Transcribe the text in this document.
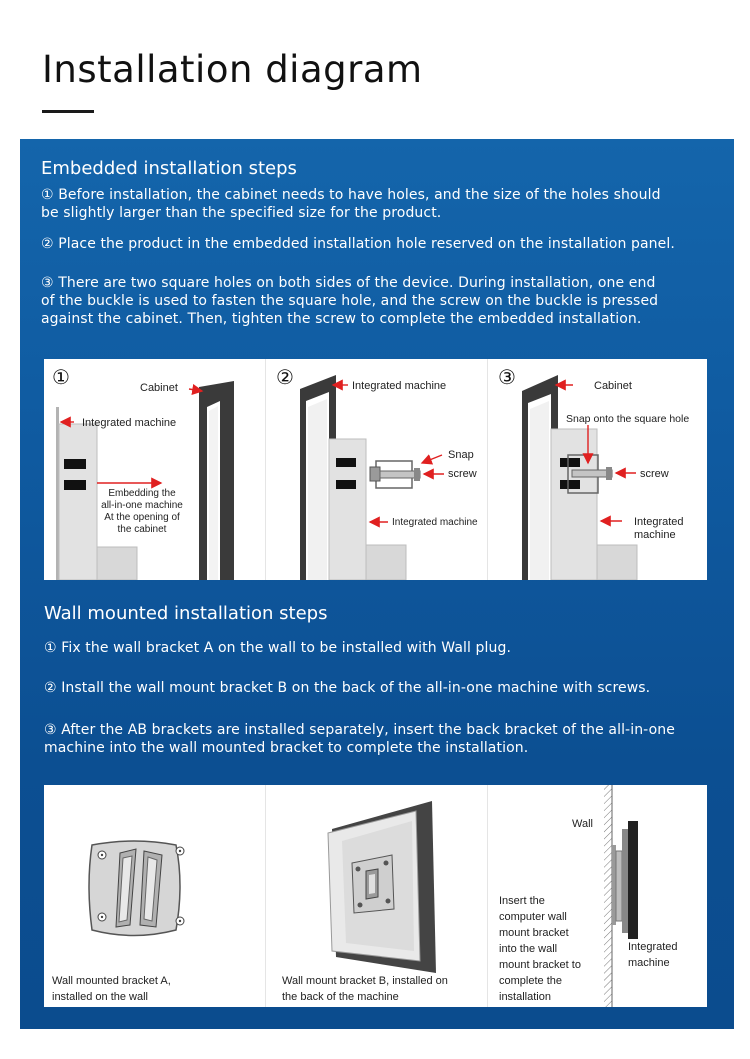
Installation diagram
Embedded installation steps

① Before installation, the cabinet needs to have holes, and the size of the holes should be slightly larger than the specified size for the product.

② Place the product in the embedded installation hole reserved on the installation panel.

③ There are two square holes on both sides of the device. During installation, one end of the buckle is used to fasten the square hole, and the screw on the buckle is pressed against the cabinet. Then, tighten the screw to complete the embedded installation.

①	Cabinet
Integrated machine
Embedding the
all-in-one machine
At the opening of
the cabinet
②	Integrated machine
Snap
screw
Integrated machine
③	Cabinet
Snap onto the square hole
screw
Integrated
machine
Wall mounted installation steps

① Fix the wall bracket A on the wall to be installed with Wall plug.

② Install the wall mount bracket B on the back of the all-in-one machine with screws.

③ After the AB brackets are installed separately, insert the back bracket of the all-in-one machine into the wall mounted bracket to complete the installation.

Wall mounted bracket A,
installed on the wall
Wall mount bracket B, installed on
the back of the machine
Wall
Insert the
computer wall
mount bracket
into the wall
mount bracket to
complete the
installation
Integrated
machine
